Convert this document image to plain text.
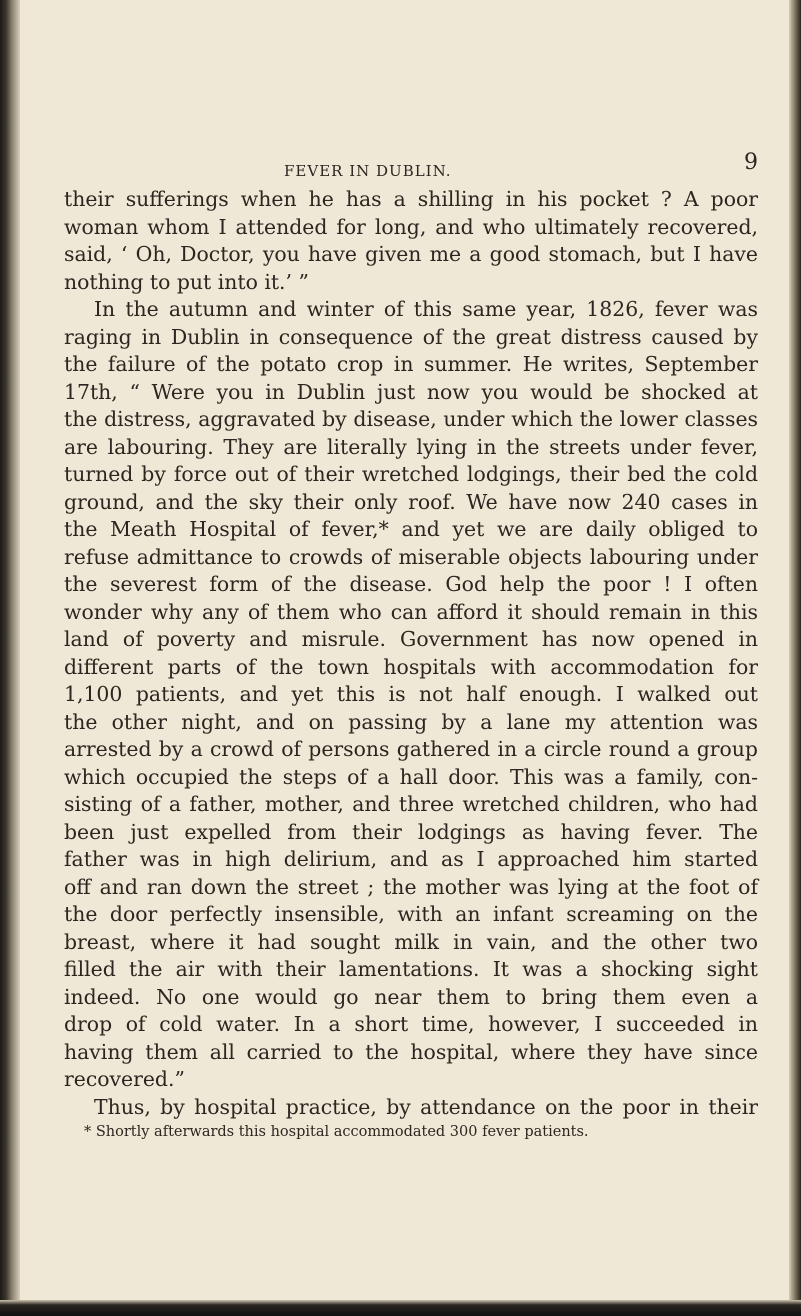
FEVER IN DUBLIN.	9
their sufferings when he has a shilling in his pocket ? A poor
woman whom I attended for long, and who ultimately recovered,
said, ‘ Oh, Doctor, you have given me a good stomach, but I have
nothing to put into it.’ ”
In the autumn and winter of this same year, 1826, fever was
raging in Dublin in consequence of the great distress caused by
the failure of the potato crop in summer. He writes, September
17th, “ Were you in Dublin just now you would be shocked at
the distress, aggravated by disease, under which the lower classes
are labouring. They are literally lying in the streets under fever,
turned by force out of their wretched lodgings, their bed the cold
ground, and the sky their only roof. We have now 240 cases in
the Meath Hospital of fever,* and yet we are daily obliged to
refuse admittance to crowds of miserable objects labouring under
the severest form of the disease. God help the poor ! I often
wonder why any of them who can afford it should remain in this
land of poverty and misrule. Government has now opened in
different parts of the town hospitals with accommodation for
1,100 patients, and yet this is not half enough. I walked out
the other night, and on passing by a lane my attention was
arrested by a crowd of persons gathered in a circle round a group
which occupied the steps of a hall door. This was a family, con-
sisting of a father, mother, and three wretched children, who had
been just expelled from their lodgings as having fever. The
father was in high delirium, and as I approached him started
off and ran down the street ; the mother was lying at the foot of
the door perfectly insensible, with an infant screaming on the
breast, where it had sought milk in vain, and the other two
filled the air with their lamentations. It was a shocking sight
indeed. No one would go near them to bring them even a
drop of cold water. In a short time, however, I succeeded in
having them all carried to the hospital, where they have since
recovered.”
Thus, by hospital practice, by attendance on the poor in their
* Shortly afterwards this hospital accommodated 300 fever patients.
